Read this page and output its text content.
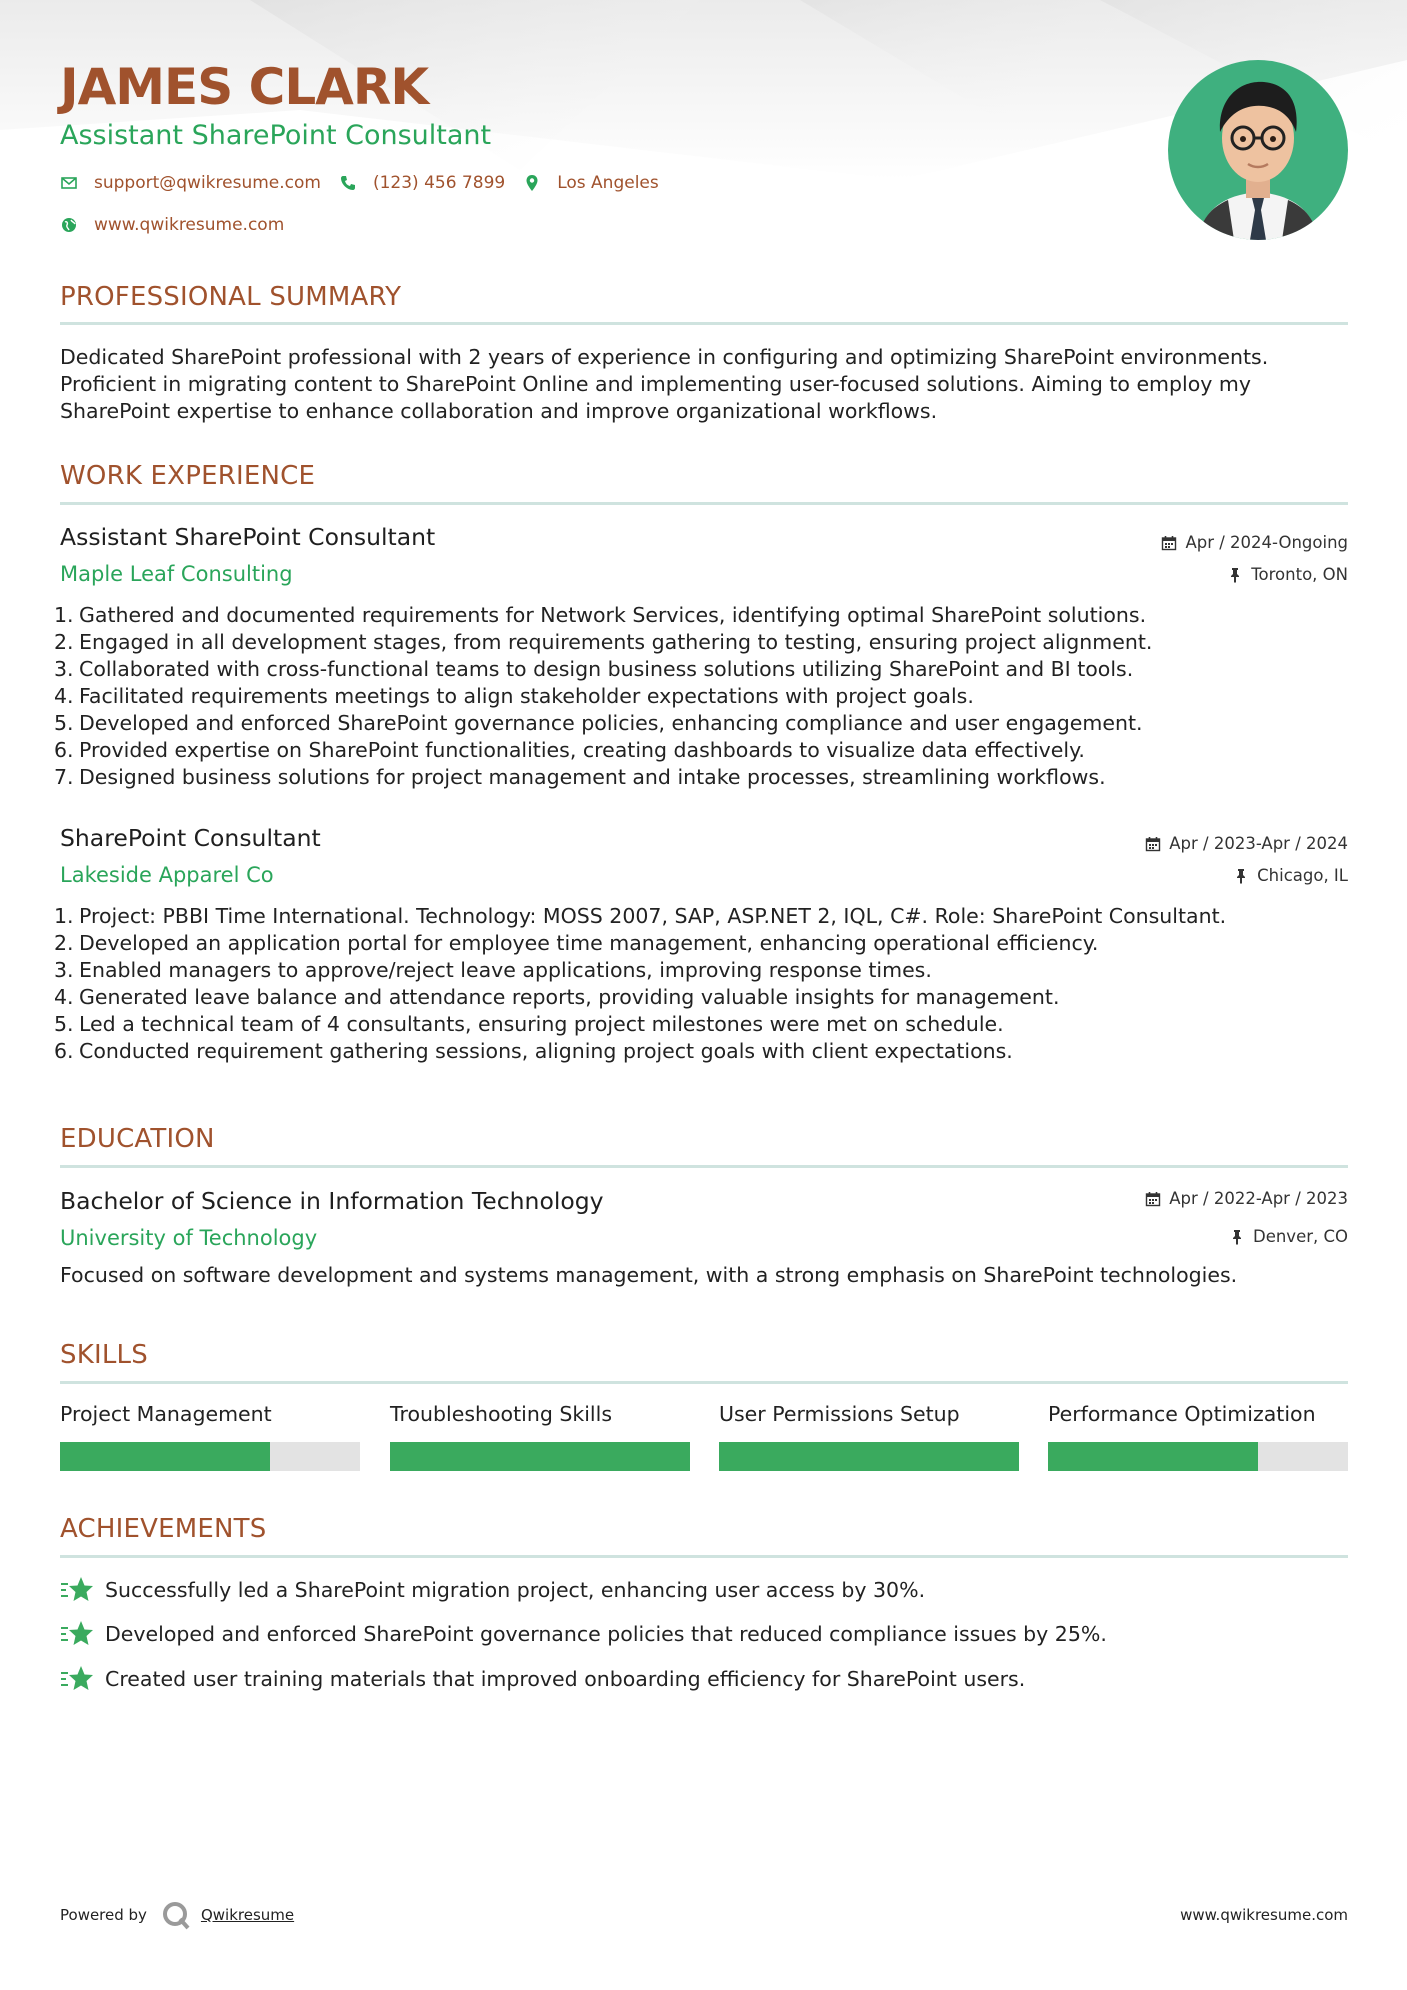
JAMES CLARK
Assistant SharePoint Consultant
support@qwikresume.com	(123) 456 7899	Los Angeles
www.qwikresume.com
PROFESSIONAL SUMMARY
Dedicated SharePoint professional with 2 years of experience in configuring and optimizing SharePoint environments. Proficient in migrating content to SharePoint Online and implementing user-focused solutions. Aiming to employ my SharePoint expertise to enhance collaboration and improve organizational workflows.
WORK EXPERIENCE
Assistant SharePoint Consultant	Apr / 2024-Ongoing
Maple Leaf Consulting	Toronto, ON
1. Gathered and documented requirements for Network Services, identifying optimal SharePoint solutions.
2. Engaged in all development stages, from requirements gathering to testing, ensuring project alignment.
3. Collaborated with cross-functional teams to design business solutions utilizing SharePoint and BI tools.
4. Facilitated requirements meetings to align stakeholder expectations with project goals.
5. Developed and enforced SharePoint governance policies, enhancing compliance and user engagement.
6. Provided expertise on SharePoint functionalities, creating dashboards to visualize data effectively.
7. Designed business solutions for project management and intake processes, streamlining workflows.
SharePoint Consultant	Apr / 2023-Apr / 2024
Lakeside Apparel Co	Chicago, IL
1. Project: PBBI Time International. Technology: MOSS 2007, SAP, ASP.NET 2, IQL, C#. Role: SharePoint Consultant.
2. Developed an application portal for employee time management, enhancing operational efficiency.
3. Enabled managers to approve/reject leave applications, improving response times.
4. Generated leave balance and attendance reports, providing valuable insights for management.
5. Led a technical team of 4 consultants, ensuring project milestones were met on schedule.
6. Conducted requirement gathering sessions, aligning project goals with client expectations.
EDUCATION
Bachelor of Science in Information Technology	Apr / 2022-Apr / 2023
University of Technology	Denver, CO
Focused on software development and systems management, with a strong emphasis on SharePoint technologies.
SKILLS
Project Management	Troubleshooting Skills	User Permissions Setup	Performance Optimization
ACHIEVEMENTS
Successfully led a SharePoint migration project, enhancing user access by 30%.
Developed and enforced SharePoint governance policies that reduced compliance issues by 25%.
Created user training materials that improved onboarding efficiency for SharePoint users.
Powered by	Qwikresume	www.qwikresume.com
